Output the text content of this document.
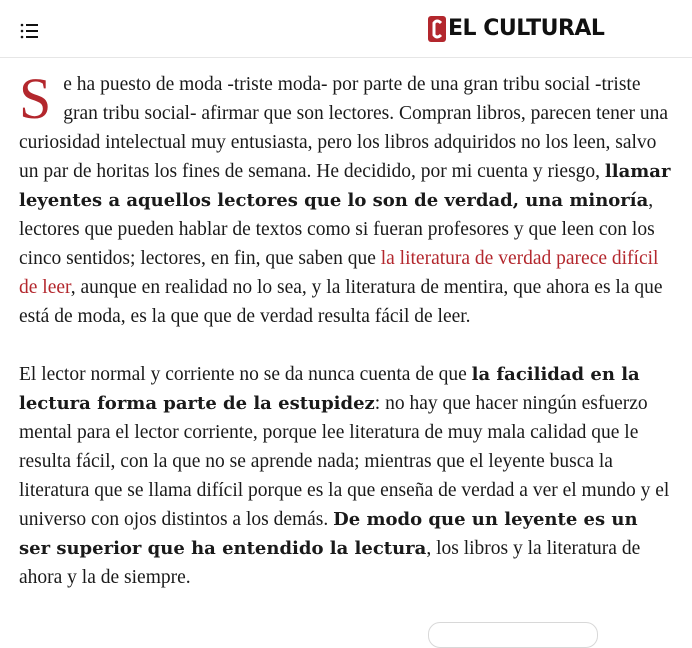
EL CULTURAL

Se ha puesto de moda -triste moda- por parte de una gran tribu social -triste gran tribu social- afirmar que son lectores. Compran libros, parecen tener una curiosidad intelectual muy entusiasta, pero los libros adquiridos no los leen, salvo un par de horitas los fines de semana. He decidido, por mi cuenta y riesgo, llamar leyentes a aquellos lectores que lo son de verdad, una minoría, lectores que pueden hablar de textos como si fueran profesores y que leen con los cinco sentidos; lectores, en fin, que saben que la literatura de verdad parece difícil de leer, aunque en realidad no lo sea, y la literatura de mentira, que ahora es la que está de moda, es la que que de verdad resulta fácil de leer.

El lector normal y corriente no se da nunca cuenta de que la facilidad en la lectura forma parte de la estupidez: no hay que hacer ningún esfuerzo mental para el lector corriente, porque lee literatura de muy mala calidad que le resulta fácil, con la que no se aprende nada; mientras que el leyente busca la literatura que se llama difícil porque es la que enseña de verdad a ver el mundo y el universo con ojos distintos a los demás. De modo que un leyente es un ser superior que ha entendido la lectura, los libros y la literatura de ahora y la de siempre.
